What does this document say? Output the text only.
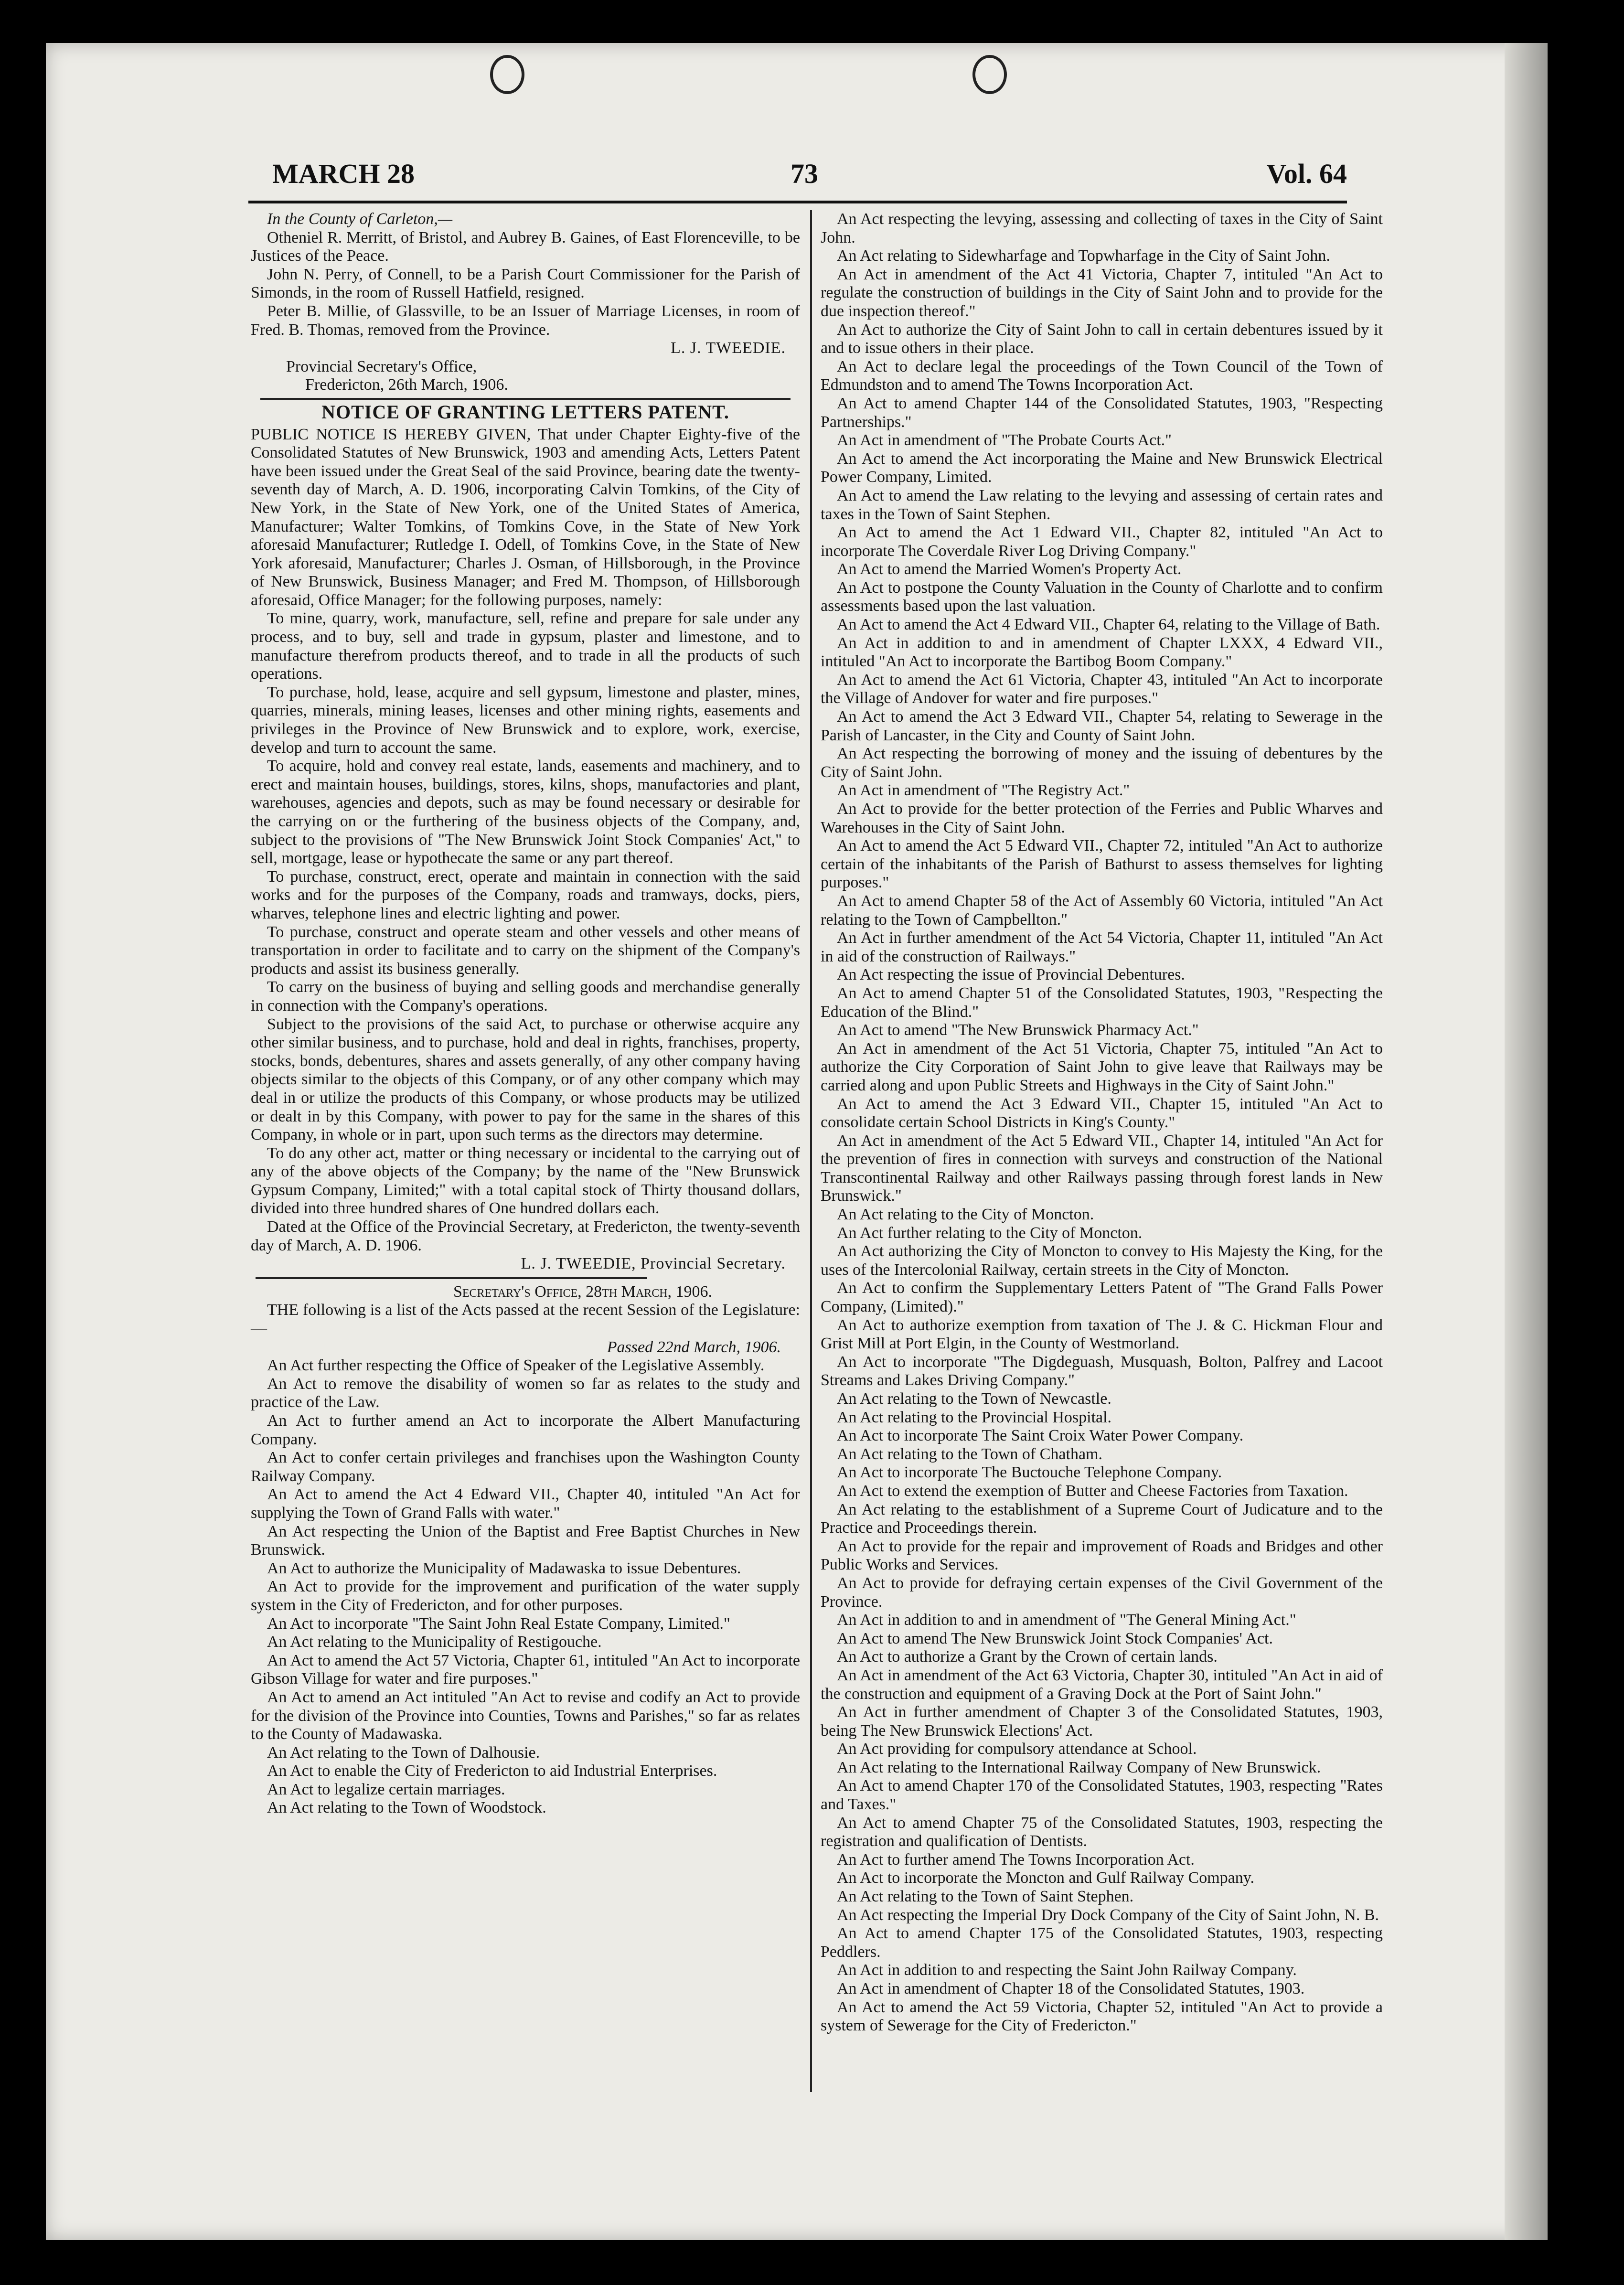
MARCH 28	73	Vol. 64

In the County of Carleton,—

Otheniel R. Merritt, of Bristol, and Aubrey B. Gaines, of East Florenceville, to be Justices of the Peace.

John N. Perry, of Connell, to be a Parish Court Commissioner for the Parish of Simonds, in the room of Russell Hatfield, resigned.

Peter B. Millie, of Glassville, to be an Issuer of Marriage Licenses, in room of Fred. B. Thomas, removed from the Province.

L. J. TWEEDIE.

Provincial Secretary's Office,

Fredericton, 26th March, 1906.

NOTICE OF GRANTING LETTERS PATENT.

PUBLIC NOTICE IS HEREBY GIVEN, That under Chapter Eighty-five of the Consolidated Statutes of New Brunswick, 1903 and amending Acts, Letters Patent have been issued under the Great Seal of the said Province, bearing date the twenty-seventh day of March, A. D. 1906, incorporating Calvin Tomkins, of the City of New York, in the State of New York, one of the United States of America, Manufacturer; Walter Tomkins, of Tomkins Cove, in the State of New York aforesaid Manufacturer; Rutledge I. Odell, of Tomkins Cove, in the State of New York aforesaid, Manufacturer; Charles J. Osman, of Hillsborough, in the Province of New Brunswick, Business Manager; and Fred M. Thompson, of Hillsborough aforesaid, Office Manager; for the following purposes, namely:

To mine, quarry, work, manufacture, sell, refine and prepare for sale under any process, and to buy, sell and trade in gypsum, plaster and limestone, and to manufacture therefrom products thereof, and to trade in all the products of such operations.

To purchase, hold, lease, acquire and sell gypsum, limestone and plaster, mines, quarries, minerals, mining leases, licenses and other mining rights, easements and privileges in the Province of New Brunswick and to explore, work, exercise, develop and turn to account the same.

To acquire, hold and convey real estate, lands, easements and machinery, and to erect and maintain houses, buildings, stores, kilns, shops, manufactories and plant, warehouses, agencies and depots, such as may be found necessary or desirable for the carrying on or the furthering of the business objects of the Company, and, subject to the provisions of "The New Brunswick Joint Stock Companies' Act," to sell, mortgage, lease or hypothecate the same or any part thereof.

To purchase, construct, erect, operate and maintain in connection with the said works and for the purposes of the Company, roads and tramways, docks, piers, wharves, telephone lines and electric lighting and power.

To purchase, construct and operate steam and other vessels and other means of transportation in order to facilitate and to carry on the shipment of the Company's products and assist its business generally.

To carry on the business of buying and selling goods and merchandise generally in connection with the Company's operations.

Subject to the provisions of the said Act, to purchase or otherwise acquire any other similar business, and to purchase, hold and deal in rights, franchises, property, stocks, bonds, debentures, shares and assets generally, of any other company having objects similar to the objects of this Company, or of any other company which may deal in or utilize the products of this Company, or whose products may be utilized or dealt in by this Company, with power to pay for the same in the shares of this Company, in whole or in part, upon such terms as the directors may determine.

To do any other act, matter or thing necessary or incidental to the carrying out of any of the above objects of the Company; by the name of the "New Brunswick Gypsum Company, Limited;" with a total capital stock of Thirty thousand dollars, divided into three hundred shares of One hundred dollars each.

Dated at the Office of the Provincial Secretary, at Fredericton, the twenty-seventh day of March, A. D. 1906.

L. J. TWEEDIE, Provincial Secretary.

Secretary's Office, 28th March, 1906.

THE following is a list of the Acts passed at the recent Session of the Legislature:—

Passed 22nd March, 1906.

An Act further respecting the Office of Speaker of the Legislative Assembly.

An Act to remove the disability of women so far as relates to the study and practice of the Law.

An Act to further amend an Act to incorporate the Albert Manufacturing Company.

An Act to confer certain privileges and franchises upon the Washington County Railway Company.

An Act to amend the Act 4 Edward VII., Chapter 40, intituled "An Act for supplying the Town of Grand Falls with water."

An Act respecting the Union of the Baptist and Free Baptist Churches in New Brunswick.

An Act to authorize the Municipality of Madawaska to issue Debentures.

An Act to provide for the improvement and purification of the water supply system in the City of Fredericton, and for other purposes.

An Act to incorporate "The Saint John Real Estate Company, Limited."

An Act relating to the Municipality of Restigouche.

An Act to amend the Act 57 Victoria, Chapter 61, intituled "An Act to incorporate Gibson Village for water and fire purposes."

An Act to amend an Act intituled "An Act to revise and codify an Act to provide for the division of the Province into Counties, Towns and Parishes," so far as relates to the County of Madawaska.

An Act relating to the Town of Dalhousie.

An Act to enable the City of Fredericton to aid Industrial Enterprises.

An Act to legalize certain marriages.

An Act relating to the Town of Woodstock.

An Act respecting the levying, assessing and collecting of taxes in the City of Saint John.

An Act relating to Sidewharfage and Topwharfage in the City of Saint John.

An Act in amendment of the Act 41 Victoria, Chapter 7, intituled "An Act to regulate the construction of buildings in the City of Saint John and to provide for the due inspection thereof."

An Act to authorize the City of Saint John to call in certain debentures issued by it and to issue others in their place.

An Act to declare legal the proceedings of the Town Council of the Town of Edmundston and to amend The Towns Incorporation Act.

An Act to amend Chapter 144 of the Consolidated Statutes, 1903, "Respecting Partnerships."

An Act in amendment of "The Probate Courts Act."

An Act to amend the Act incorporating the Maine and New Brunswick Electrical Power Company, Limited.

An Act to amend the Law relating to the levying and assessing of certain rates and taxes in the Town of Saint Stephen.

An Act to amend the Act 1 Edward VII., Chapter 82, intituled "An Act to incorporate The Coverdale River Log Driving Company."

An Act to amend the Married Women's Property Act.

An Act to postpone the County Valuation in the County of Charlotte and to confirm assessments based upon the last valuation.

An Act to amend the Act 4 Edward VII., Chapter 64, relating to the Village of Bath.

An Act in addition to and in amendment of Chapter LXXX, 4 Edward VII., intituled "An Act to incorporate the Bartibog Boom Company."

An Act to amend the Act 61 Victoria, Chapter 43, intituled "An Act to incorporate the Village of Andover for water and fire purposes."

An Act to amend the Act 3 Edward VII., Chapter 54, relating to Sewerage in the Parish of Lancaster, in the City and County of Saint John.

An Act respecting the borrowing of money and the issuing of debentures by the City of Saint John.

An Act in amendment of "The Registry Act."

An Act to provide for the better protection of the Ferries and Public Wharves and Warehouses in the City of Saint John.

An Act to amend the Act 5 Edward VII., Chapter 72, intituled "An Act to authorize certain of the inhabitants of the Parish of Bathurst to assess themselves for lighting purposes."

An Act to amend Chapter 58 of the Act of Assembly 60 Victoria, intituled "An Act relating to the Town of Campbellton."

An Act in further amendment of the Act 54 Victoria, Chapter 11, intituled "An Act in aid of the construction of Railways."

An Act respecting the issue of Provincial Debentures.

An Act to amend Chapter 51 of the Consolidated Statutes, 1903, "Respecting the Education of the Blind."

An Act to amend "The New Brunswick Pharmacy Act."

An Act in amendment of the Act 51 Victoria, Chapter 75, intituled "An Act to authorize the City Corporation of Saint John to give leave that Railways may be carried along and upon Public Streets and Highways in the City of Saint John."

An Act to amend the Act 3 Edward VII., Chapter 15, intituled "An Act to consolidate certain School Districts in King's County."

An Act in amendment of the Act 5 Edward VII., Chapter 14, intituled "An Act for the prevention of fires in connection with surveys and construction of the National Transcontinental Railway and other Railways passing through forest lands in New Brunswick."

An Act relating to the City of Moncton.

An Act further relating to the City of Moncton.

An Act authorizing the City of Moncton to convey to His Majesty the King, for the uses of the Intercolonial Railway, certain streets in the City of Moncton.

An Act to confirm the Supplementary Letters Patent of "The Grand Falls Power Company, (Limited)."

An Act to authorize exemption from taxation of The J. & C. Hickman Flour and Grist Mill at Port Elgin, in the County of Westmorland.

An Act to incorporate "The Digdeguash, Musquash, Bolton, Palfrey and Lacoot Streams and Lakes Driving Company."

An Act relating to the Town of Newcastle.

An Act relating to the Provincial Hospital.

An Act to incorporate The Saint Croix Water Power Company.

An Act relating to the Town of Chatham.

An Act to incorporate The Buctouche Telephone Company.

An Act to extend the exemption of Butter and Cheese Factories from Taxation.

An Act relating to the establishment of a Supreme Court of Judicature and to the Practice and Proceedings therein.

An Act to provide for the repair and improvement of Roads and Bridges and other Public Works and Services.

An Act to provide for defraying certain expenses of the Civil Government of the Province.

An Act in addition to and in amendment of "The General Mining Act."

An Act to amend The New Brunswick Joint Stock Companies' Act.

An Act to authorize a Grant by the Crown of certain lands.

An Act in amendment of the Act 63 Victoria, Chapter 30, intituled "An Act in aid of the construction and equipment of a Graving Dock at the Port of Saint John."

An Act in further amendment of Chapter 3 of the Consolidated Statutes, 1903, being The New Brunswick Elections' Act.

An Act providing for compulsory attendance at School.

An Act relating to the International Railway Company of New Brunswick.

An Act to amend Chapter 170 of the Consolidated Statutes, 1903, respecting "Rates and Taxes."

An Act to amend Chapter 75 of the Consolidated Statutes, 1903, respecting the registration and qualification of Dentists.

An Act to further amend The Towns Incorporation Act.

An Act to incorporate the Moncton and Gulf Railway Company.

An Act relating to the Town of Saint Stephen.

An Act respecting the Imperial Dry Dock Company of the City of Saint John, N. B.

An Act to amend Chapter 175 of the Consolidated Statutes, 1903, respecting Peddlers.

An Act in addition to and respecting the Saint John Railway Company.

An Act in amendment of Chapter 18 of the Consolidated Statutes, 1903.

An Act to amend the Act 59 Victoria, Chapter 52, intituled "An Act to provide a system of Sewerage for the City of Fredericton."
